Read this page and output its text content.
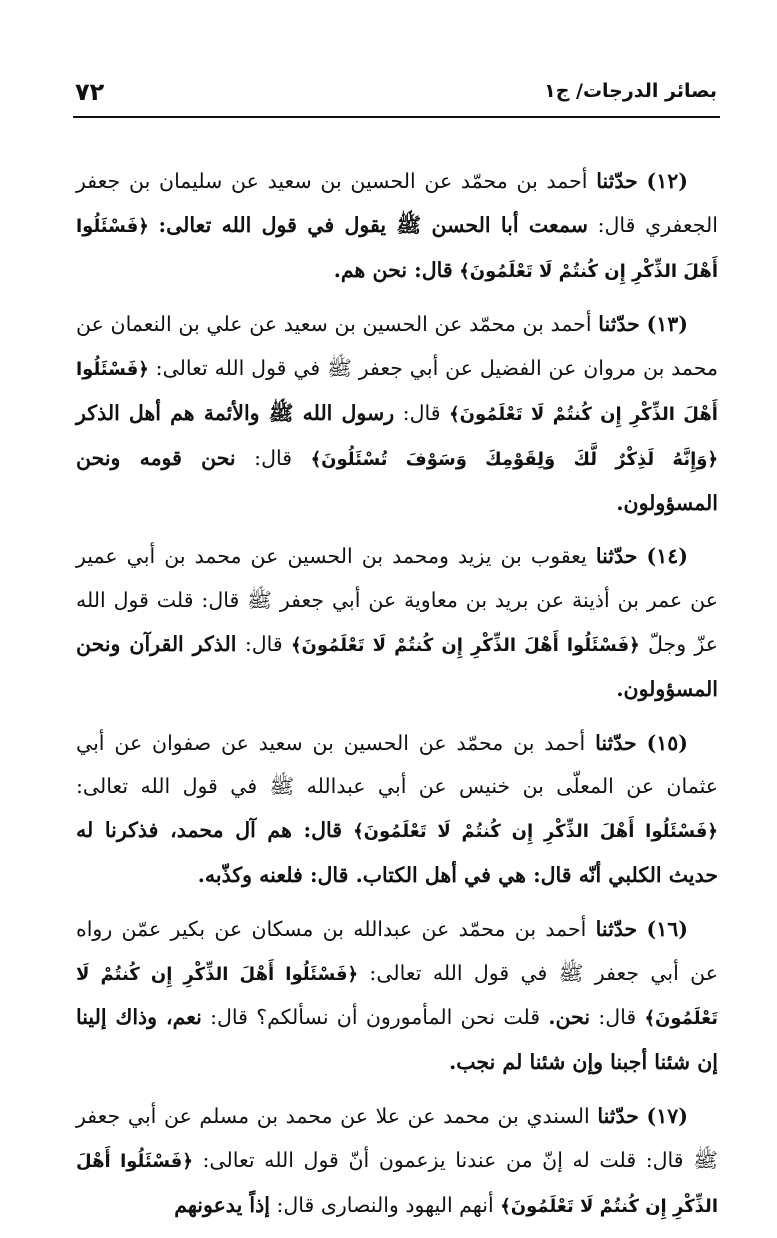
بصائر الدرجات/ ج١
٧٢

(١٢) حدّثنا أحمد بن محمّد عن الحسين بن سعيد عن سليمان بن جعفر الجعفري قال: سمعت أبا الحسن ﷺ يقول في قول الله تعالى: ﴿فَسْئَلُوا أَهْلَ الذِّكْرِ إِن كُنتُمْ لَا تَعْلَمُونَ﴾ قال: نحن هم.

(١٣) حدّثنا أحمد بن محمّد عن الحسين بن سعيد عن علي بن النعمان عن محمد بن مروان عن الفضيل عن أبي جعفر ﷺ في قول الله تعالى: ﴿فَسْئَلُوا أَهْلَ الذِّكْرِ إِن كُنتُمْ لَا تَعْلَمُونَ﴾ قال: رسول الله ﷺ والأئمة هم أهل الذكر ﴿وَإِنَّهُ لَذِكْرٌ لَّكَ وَلِقَوْمِكَ وَسَوْفَ تُسْئَلُونَ﴾ قال: نحن قومه ونحن المسؤولون.

(١٤) حدّثنا يعقوب بن يزيد ومحمد بن الحسين عن محمد بن أبي عمير عن عمر بن أذينة عن بريد بن معاوية عن أبي جعفر ﷺ قال: قلت قول الله عزّ وجلّ ﴿فَسْئَلُوا أَهْلَ الذِّكْرِ إِن كُنتُمْ لَا تَعْلَمُونَ﴾ قال: الذكر القرآن ونحن المسؤولون.

(١٥) حدّثنا أحمد بن محمّد عن الحسين بن سعيد عن صفوان عن أبي عثمان عن المعلّى بن خنيس عن أبي عبدالله ﷺ في قول الله تعالى: ﴿فَسْئَلُوا أَهْلَ الذِّكْرِ إِن كُنتُمْ لَا تَعْلَمُونَ﴾ قال: هم آل محمد، فذكرنا له حديث الكلبي أنّه قال: هي في أهل الكتاب. قال: فلعنه وكذّبه.

(١٦) حدّثنا أحمد بن محمّد عن عبدالله بن مسكان عن بكير عمّن رواه عن أبي جعفر ﷺ في قول الله تعالى: ﴿فَسْئَلُوا أَهْلَ الذِّكْرِ إِن كُنتُمْ لَا تَعْلَمُونَ﴾ قال: نحن. قلت نحن المأمورون أن نسألكم؟ قال: نعم، وذاك إلينا إن شئنا أجبنا وإن شئنا لم نجب.

(١٧) حدّثنا السندي بن محمد عن علا عن محمد بن مسلم عن أبي جعفر ﷺ قال: قلت له إنّ من عندنا يزعمون أنّ قول الله تعالى: ﴿فَسْئَلُوا أَهْلَ الذِّكْرِ إِن كُنتُمْ لَا تَعْلَمُونَ﴾ أنهم اليهود والنصارى قال: إذاً يدعونهم
